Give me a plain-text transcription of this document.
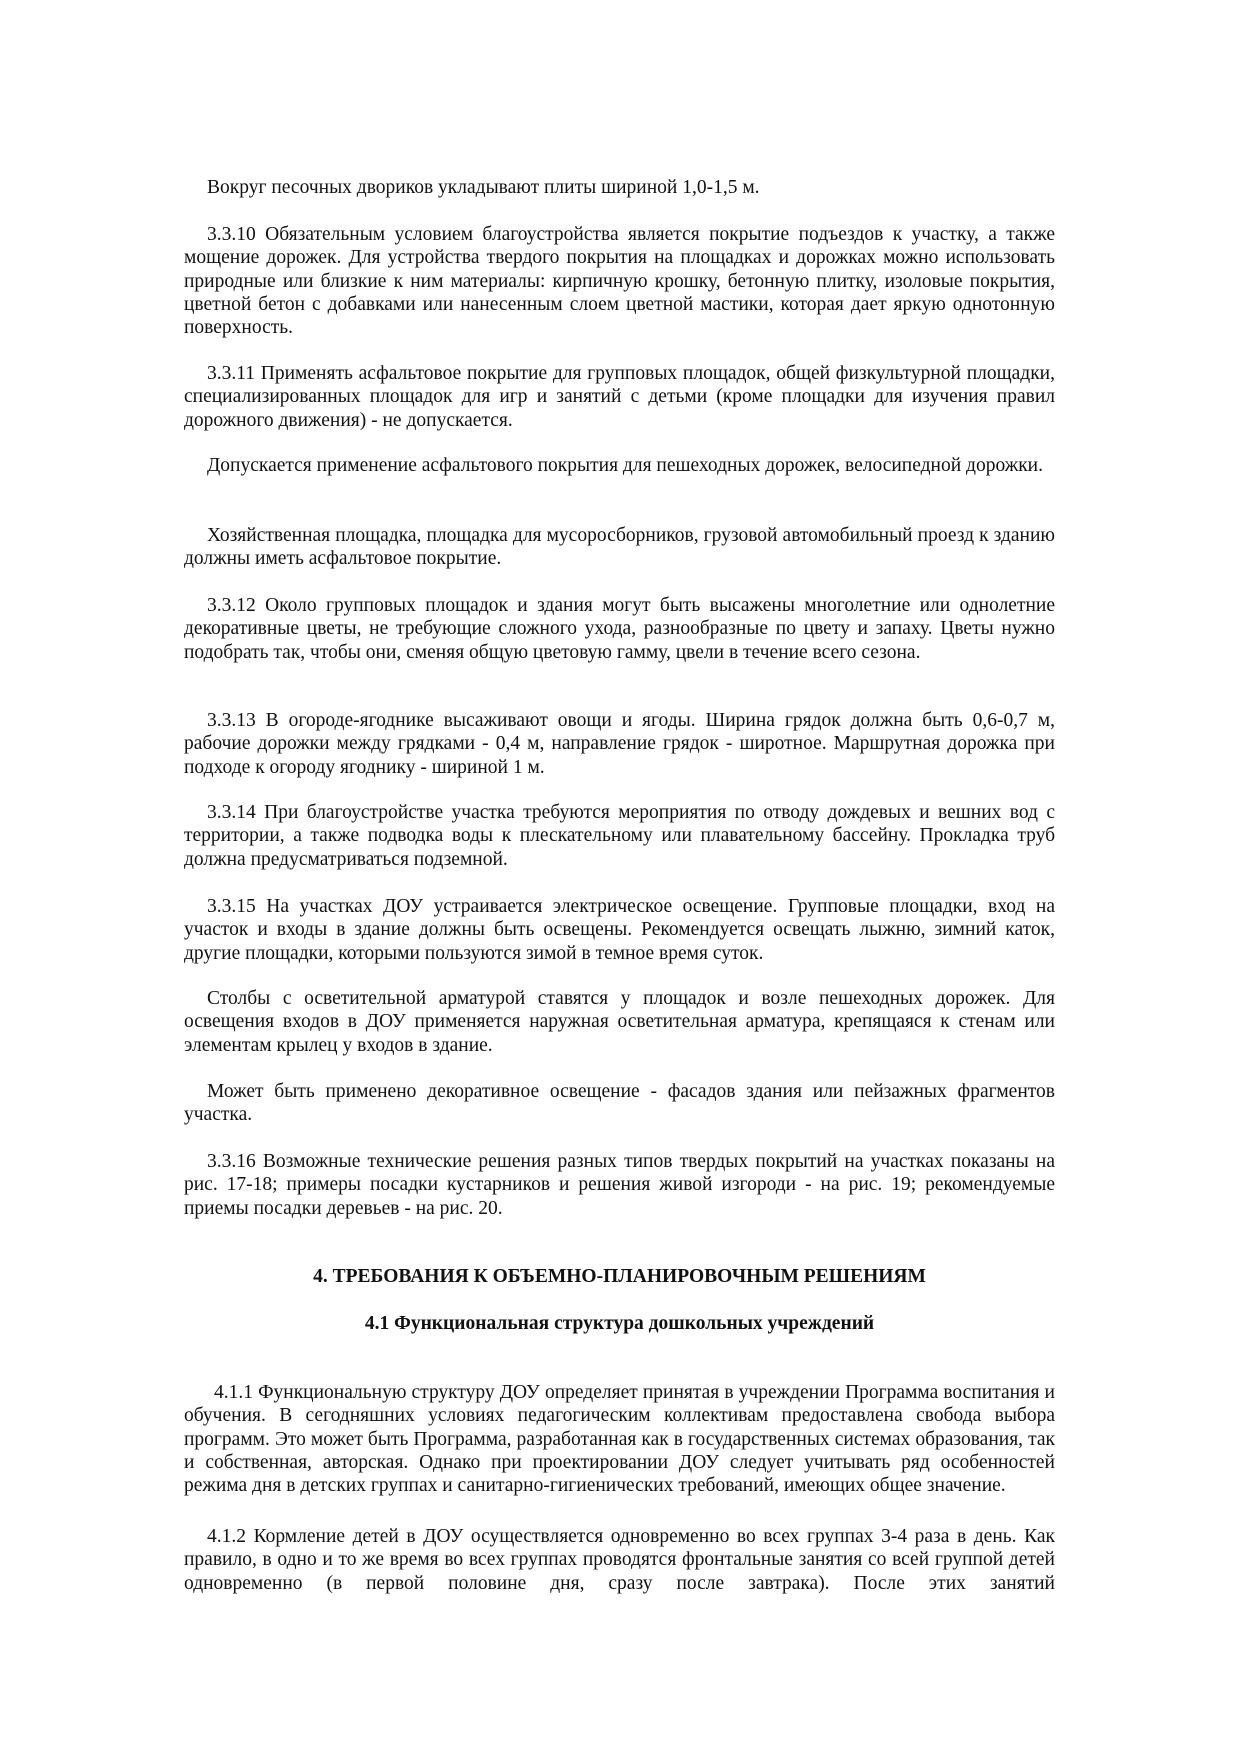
Вокруг песочных двориков укладывают плиты шириной 1,0-1,5 м.

3.3.10 Обязательным условием благоустройства является покрытие подъездов к участку, а также мощение дорожек. Для устройства твердого покрытия на площадках и дорожках можно использовать природные или близкие к ним материалы: кирпичную крошку, бетонную плитку, изоловые покрытия, цветной бетон с добавками или нанесенным слоем цветной мастики, которая дает яркую однотонную поверхность.

3.3.11 Применять асфальтовое покрытие для групповых площадок, общей физкультурной площадки, специализированных площадок для игр и занятий с детьми (кроме площадки для изучения правил дорожного движения) - не допускается.

Допускается применение асфальтового покрытия для пешеходных дорожек, велосипедной дорожки.

Хозяйственная площадка, площадка для мусоросборников, грузовой автомобильный проезд к зданию должны иметь асфальтовое покрытие.

3.3.12 Около групповых площадок и здания могут быть высажены многолетние или однолетние декоративные цветы, не требующие сложного ухода, разнообразные по цвету и запаху. Цветы нужно подобрать так, чтобы они, сменяя общую цветовую гамму, цвели в течение всего сезона.

3.3.13 В огороде-ягоднике высаживают овощи и ягоды. Ширина грядок должна быть 0,6-0,7 м, рабочие дорожки между грядками - 0,4 м, направление грядок - широтное. Маршрутная дорожка при подходе к огороду ягоднику - шириной 1 м.

3.3.14 При благоустройстве участка требуются мероприятия по отводу дождевых и вешних вод с территории, а также подводка воды к плескательному или плавательному бассейну. Прокладка труб должна предусматриваться подземной.

3.3.15 На участках ДОУ устраивается электрическое освещение. Групповые площадки, вход на участок и входы в здание должны быть освещены. Рекомендуется освещать лыжню, зимний каток, другие площадки, которыми пользуются зимой в темное время суток.

Столбы с осветительной арматурой ставятся у площадок и возле пешеходных дорожек. Для освещения входов в ДОУ применяется наружная осветительная арматура, крепящаяся к стенам или элементам крылец у входов в здание.

Может быть применено декоративное освещение - фасадов здания или пейзажных фрагментов участка.

3.3.16 Возможные технические решения разных типов твердых покрытий на участках показаны на рис. 17-18; примеры посадки кустарников и решения живой изгороди - на рис. 19; рекомендуемые приемы посадки деревьев - на рис. 20.

4. ТРЕБОВАНИЯ К ОБЪЕМНО-ПЛАНИРОВОЧНЫМ РЕШЕНИЯМ
4.1 Функциональная структура дошкольных учреждений

4.1.1 Функциональную структуру ДОУ определяет принятая в учреждении Программа воспитания и обучения. В сегодняшних условиях педагогическим коллективам предоставлена свобода выбора программ. Это может быть Программа, разработанная как в государственных системах образования, так и собственная, авторская. Однако при проектировании ДОУ следует учитывать ряд особенностей режима дня в детских группах и санитарно-гигиенических требований, имеющих общее значение.

4.1.2 Кормление детей в ДОУ осуществляется одновременно во всех группах 3-4 раза в день. Как правило, в одно и то же время во всех группах проводятся фронтальные занятия со всей группой детей одновременно (в первой половине дня, сразу после завтрака). После этих занятий
